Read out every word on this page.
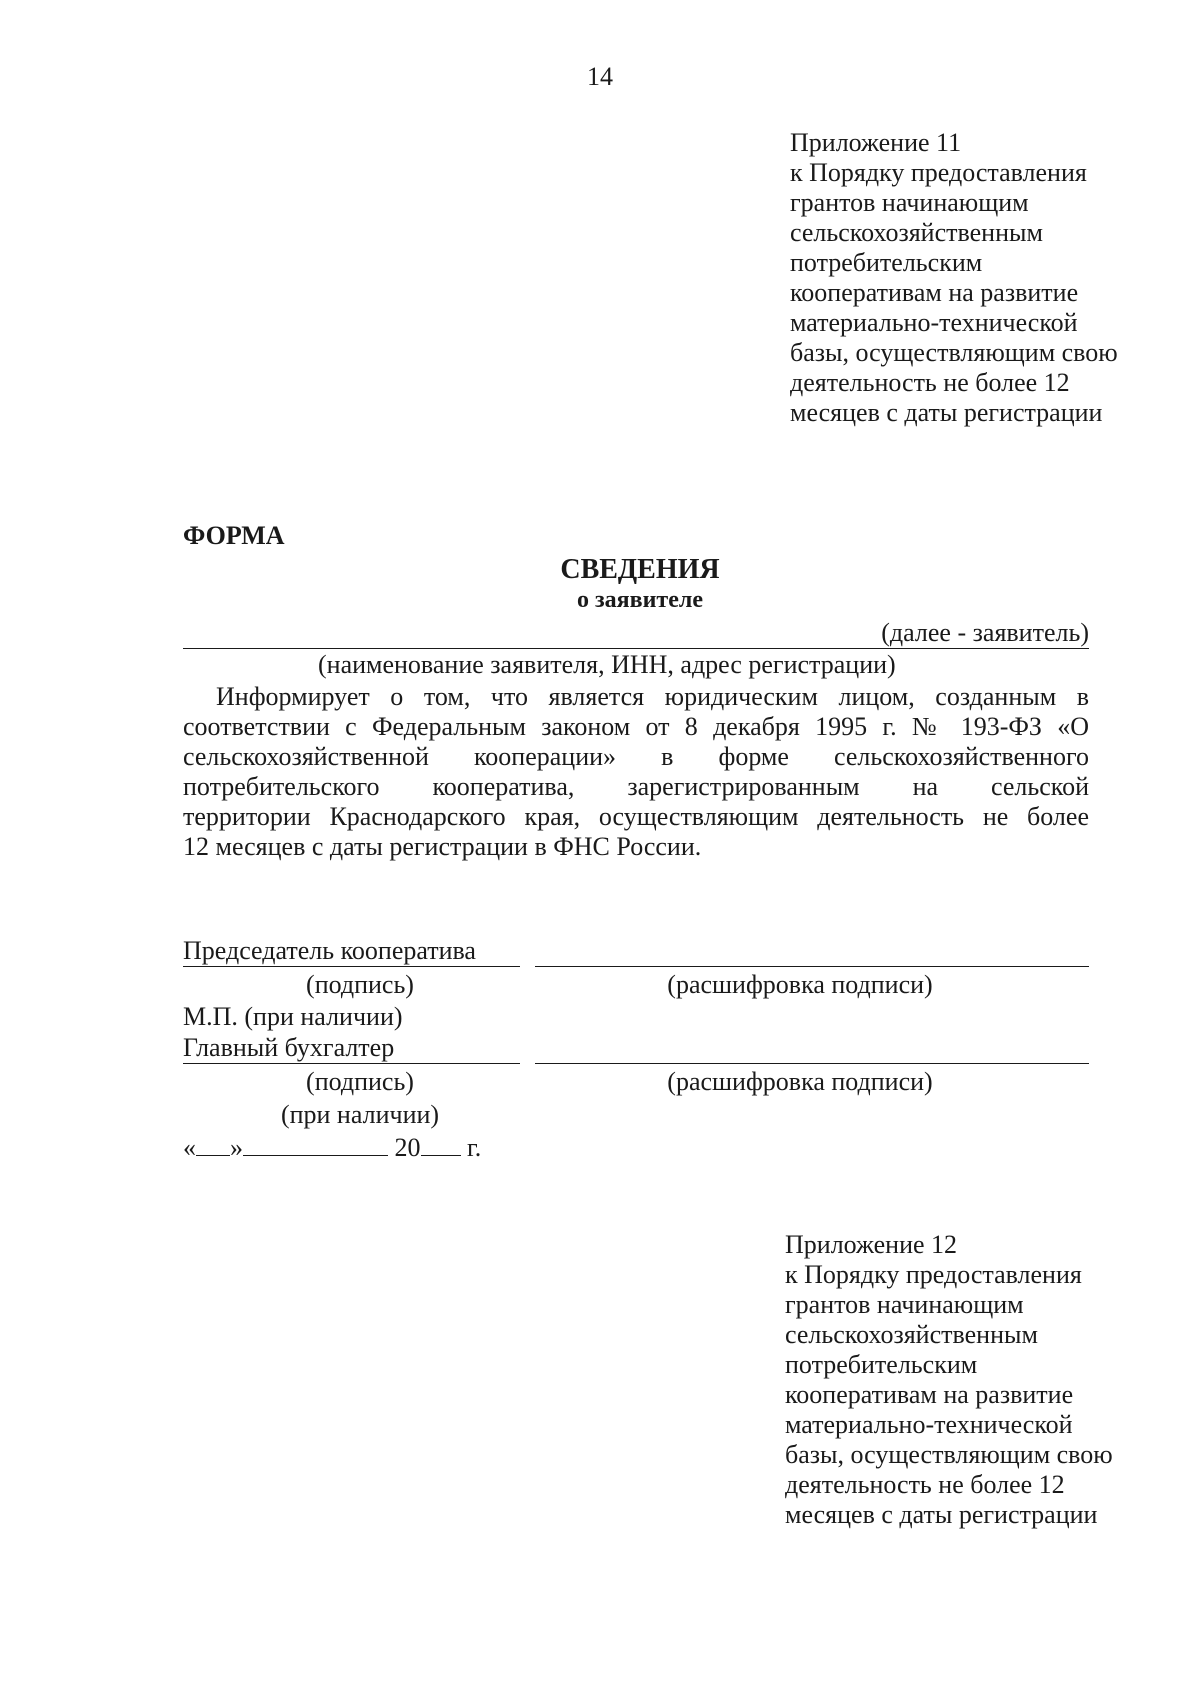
14
Приложение 11
к Порядку предоставления
грантов начинающим
сельскохозяйственным
потребительским
кооперативам на развитие
материально-технической
базы, осуществляющим свою
деятельность не более 12
месяцев с даты регистрации
ФОРМА
СВЕДЕНИЯ
о заявителе
(далее - заявитель)
(наименование заявителя, ИНН, адрес регистрации)
Информирует о том, что является юридическим лицом, созданным в
соответствии с Федеральным законом от 8 декабря 1995 г. № 193-ФЗ «О
сельскохозяйственной кооперации» в форме сельскохозяйственного
потребительского кооператива, зарегистрированным на сельской
территории Краснодарского края, осуществляющим деятельность не более
12 месяцев с даты регистрации в ФНС России.
Председатель кооператива
(подпись)	(расшифровка подписи)
М.П. (при наличии)
Главный бухгалтер
(подпись)	(расшифровка подписи)
(при наличии)
« »	20 г.
Приложение 12
к Порядку предоставления
грантов начинающим
сельскохозяйственным
потребительским
кооперативам на развитие
материально-технической
базы, осуществляющим свою
деятельность не более 12
месяцев с даты регистрации
